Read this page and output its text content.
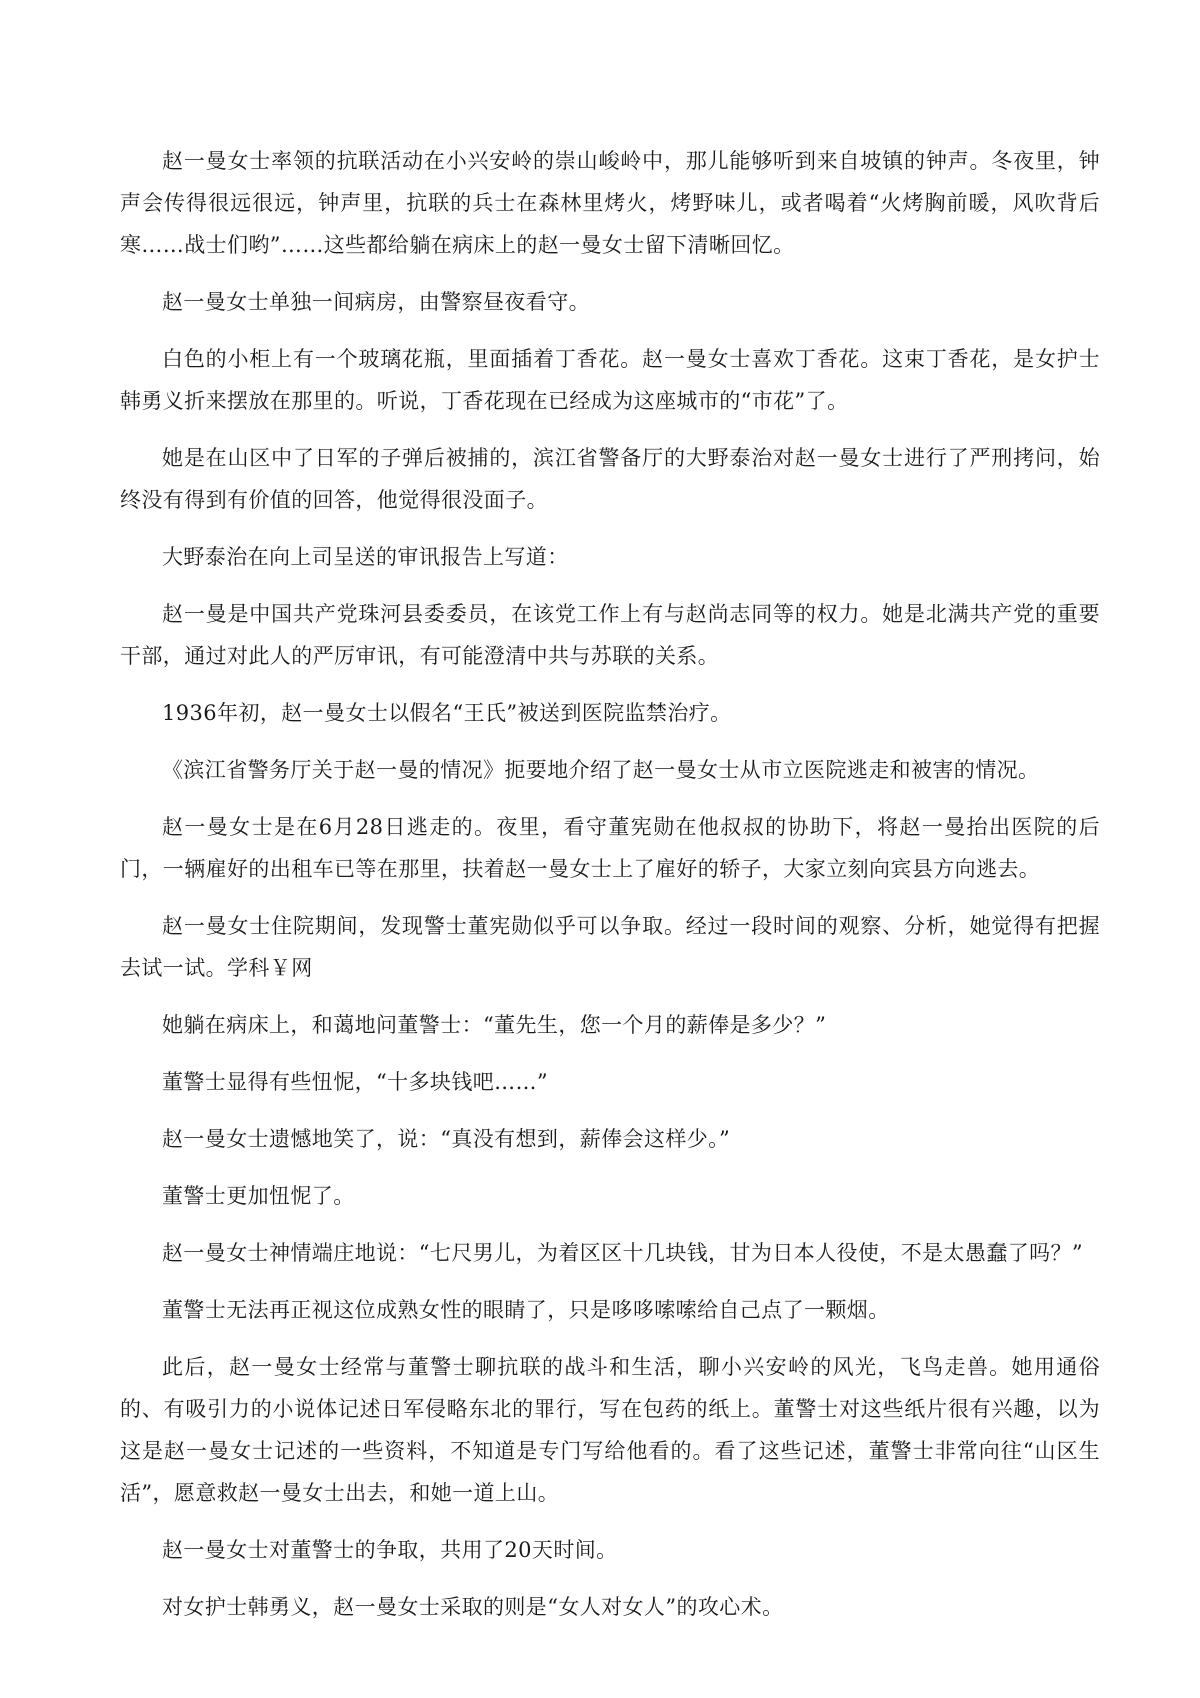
赵一曼女士率领的抗联活动在小兴安岭的崇山峻岭中，那儿能够听到来自坡镇的钟声。冬夜里，钟声会传得很远很远，钟声里，抗联的兵士在森林里烤火，烤野味儿，或者喝着“火烤胸前暖，风吹背后寒……战士们哟”……这些都给躺在病床上的赵一曼女士留下清晰回忆。

赵一曼女士单独一间病房，由警察昼夜看守。

白色的小柜上有一个玻璃花瓶，里面插着丁香花。赵一曼女士喜欢丁香花。这束丁香花，是女护士韩勇义折来摆放在那里的。听说，丁香花现在已经成为这座城市的“市花”了。

她是在山区中了日军的子弹后被捕的，滨江省警备厅的大野泰治对赵一曼女士进行了严刑拷问，始终没有得到有价值的回答，他觉得很没面子。

大野泰治在向上司呈送的审讯报告上写道：

赵一曼是中国共产党珠河县委委员，在该党工作上有与赵尚志同等的权力。她是北满共产党的重要干部，通过对此人的严厉审讯，有可能澄清中共与苏联的关系。

1936年初，赵一曼女士以假名“王氏”被送到医院监禁治疗。

《滨江省警务厅关于赵一曼的情况》扼要地介绍了赵一曼女士从市立医院逃走和被害的情况。

赵一曼女士是在6月28日逃走的。夜里，看守董宪勋在他叔叔的协助下，将赵一曼抬出医院的后门，一辆雇好的出租车已等在那里，扶着赵一曼女士上了雇好的轿子，大家立刻向宾县方向逃去。

赵一曼女士住院期间，发现警士董宪勋似乎可以争取。经过一段时间的观察、分析，她觉得有把握去试一试。学科￥网

她躺在病床上，和蔼地问董警士：“董先生，您一个月的薪俸是多少？”

董警士显得有些忸怩，“十多块钱吧……”

赵一曼女士遗憾地笑了，说：“真没有想到，薪俸会这样少。”

董警士更加忸怩了。

赵一曼女士神情端庄地说：“七尺男儿，为着区区十几块钱，甘为日本人役使，不是太愚蠢了吗？”

董警士无法再正视这位成熟女性的眼睛了，只是哆哆嗦嗦给自己点了一颗烟。

此后，赵一曼女士经常与董警士聊抗联的战斗和生活，聊小兴安岭的风光，飞鸟走兽。她用通俗的、有吸引力的小说体记述日军侵略东北的罪行，写在包药的纸上。董警士对这些纸片很有兴趣，以为这是赵一曼女士记述的一些资料，不知道是专门写给他看的。看了这些记述，董警士非常向往“山区生活”，愿意救赵一曼女士出去，和她一道上山。

赵一曼女士对董警士的争取，共用了20天时间。

对女护士韩勇义，赵一曼女士采取的则是“女人对女人”的攻心术。
